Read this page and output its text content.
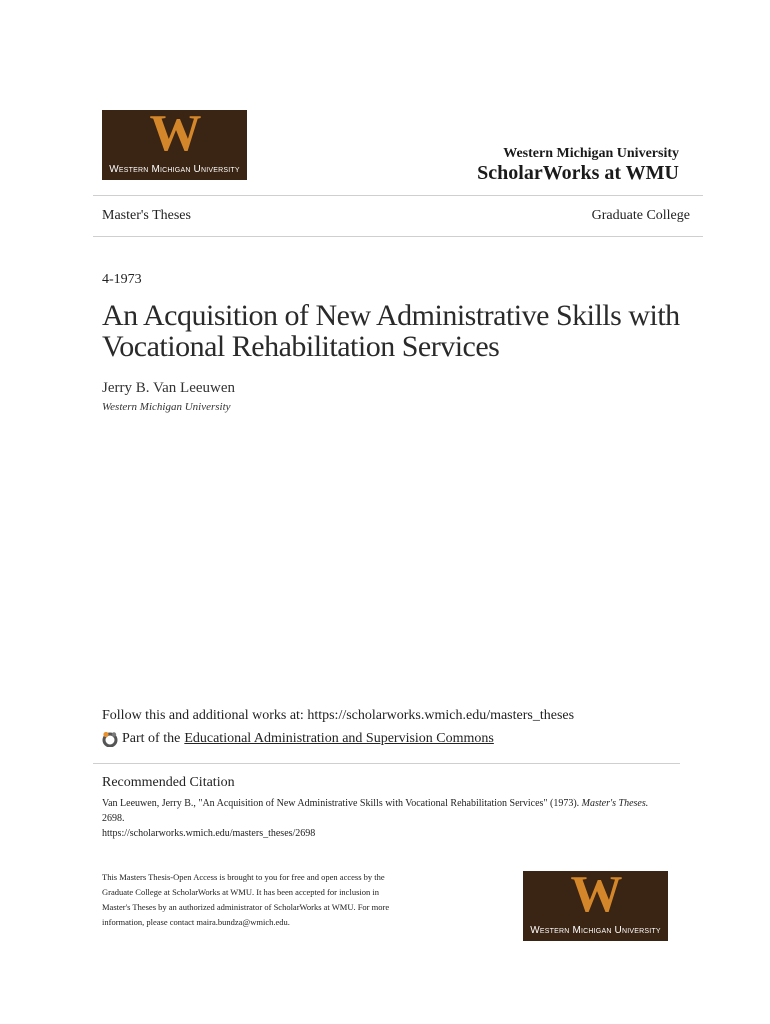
W
Western Michigan University
Western Michigan University
ScholarWorks at WMU
Master's Theses	Graduate College
4-1973
An Acquisition of New Administrative Skills with Vocational Rehabilitation Services
Jerry B. Van Leeuwen
Western Michigan University
Follow this and additional works at: https://scholarworks.wmich.edu/masters_theses
Part of the Educational Administration and Supervision Commons
Recommended Citation
Van Leeuwen, Jerry B., "An Acquisition of New Administrative Skills with Vocational Rehabilitation Services" (1973). Master's Theses.
2698.
https://scholarworks.wmich.edu/masters_theses/2698
This Masters Thesis-Open Access is brought to you for free and open access by the Graduate College at ScholarWorks at WMU. It has been accepted for inclusion in Master's Theses by an authorized administrator of ScholarWorks at WMU. For more information, please contact maira.bundza@wmich.edu.	W
Western Michigan University
